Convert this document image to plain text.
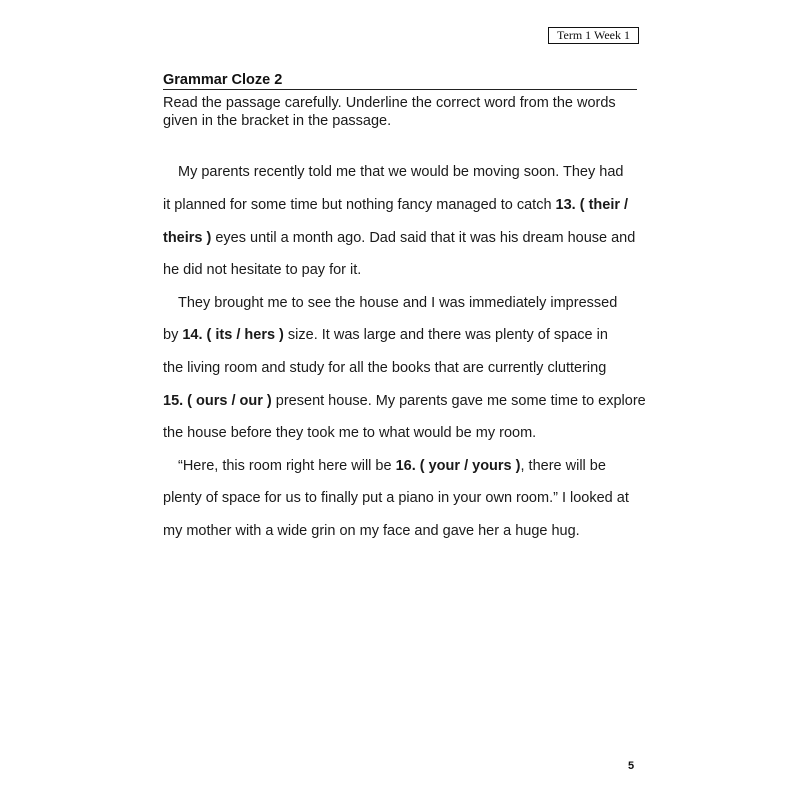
Term 1 Week 1
Grammar Cloze 2
Read the passage carefully. Underline the correct word from the words given in the bracket in the passage.
My parents recently told me that we would be moving soon. They had
it planned for some time but nothing fancy managed to catch 13. ( their /
theirs ) eyes until a month ago. Dad said that it was his dream house and
he did not hesitate to pay for it.
They brought me to see the house and I was immediately impressed
by 14. ( its / hers ) size. It was large and there was plenty of space in
the living room and study for all the books that are currently cluttering
15. ( ours / our ) present house. My parents gave me some time to explore
the house before they took me to what would be my room.
“Here, this room right here will be 16. ( your / yours ), there will be
plenty of space for us to finally put a piano in your own room.” I looked at
my mother with a wide grin on my face and gave her a huge hug.
5
